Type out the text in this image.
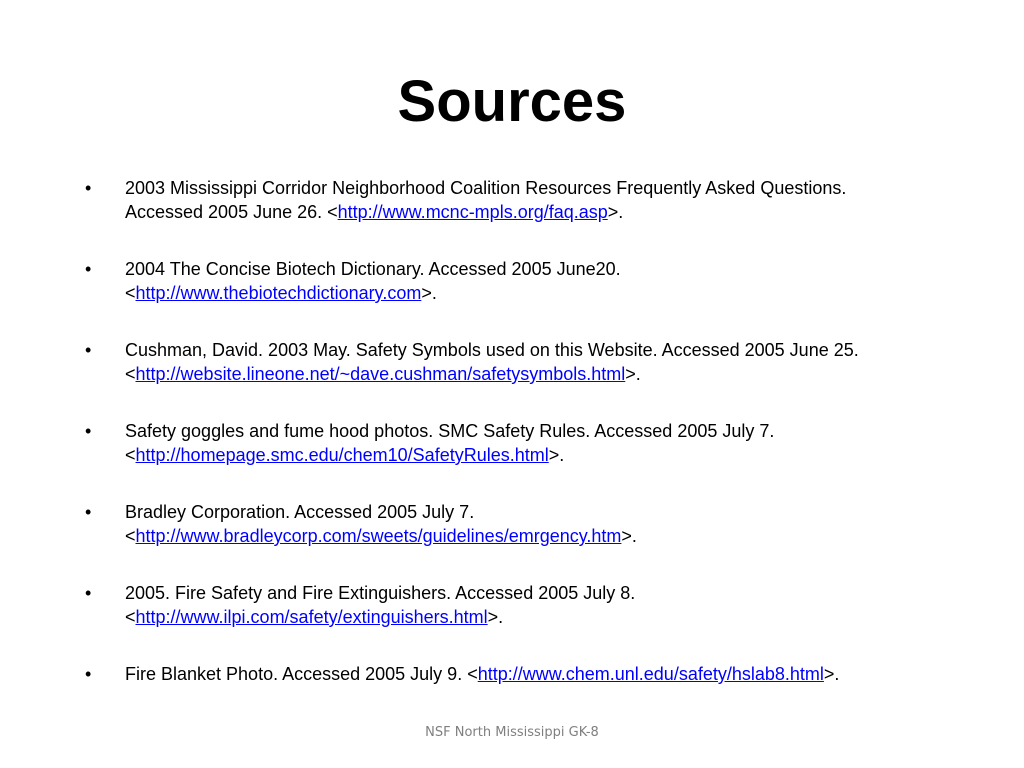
Sources
•	2003 Mississippi Corridor Neighborhood Coalition Resources Frequently Asked Questions.
Accessed 2005 June 26. <http://www.mcnc-mpls.org/faq.asp>.
•	2004 The Concise Biotech Dictionary. Accessed 2005 June20.
<http://www.thebiotechdictionary.com>.
•	Cushman, David. 2003 May. Safety Symbols used on this Website. Accessed 2005 June 25.
<http://website.lineone.net/~dave.cushman/safetysymbols.html>.
•	Safety goggles and fume hood photos. SMC Safety Rules. Accessed 2005 July 7.
<http://homepage.smc.edu/chem10/SafetyRules.html>.
•	Bradley Corporation. Accessed 2005 July 7.
<http://www.bradleycorp.com/sweets/guidelines/emrgency.htm>.
•	2005. Fire Safety and Fire Extinguishers. Accessed 2005 July 8.
<http://www.ilpi.com/safety/extinguishers.html>.
•	Fire Blanket Photo. Accessed 2005 July 9. <http://www.chem.unl.edu/safety/hslab8.html>.
NSF North Mississippi GK-8
